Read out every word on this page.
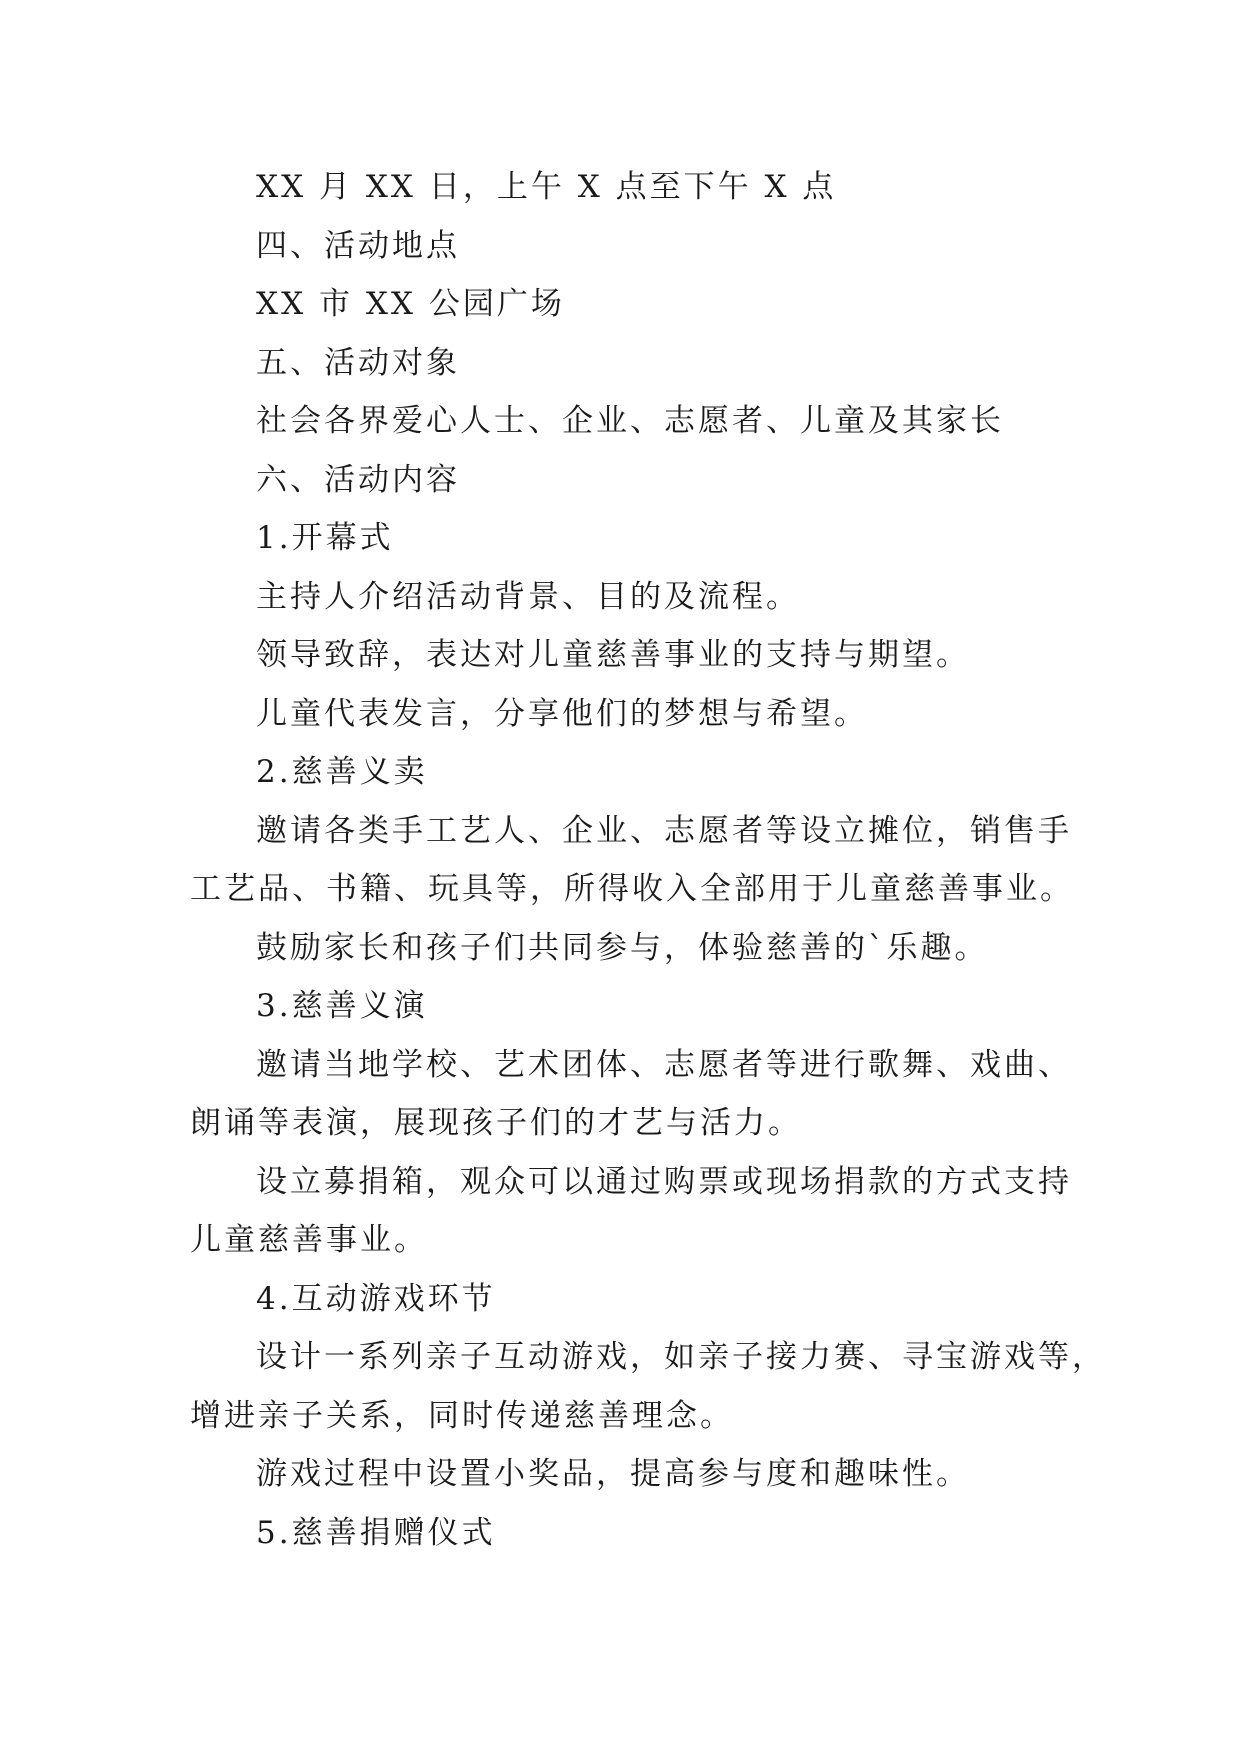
XX 月 XX 日，上午 X 点至下午 X 点

四、活动地点

XX 市 XX 公园广场

五、活动对象

社会各界爱心人士、企业、志愿者、儿童及其家长

六、活动内容

1.开幕式

主持人介绍活动背景、目的及流程。

领导致辞，表达对儿童慈善事业的支持与期望。

儿童代表发言，分享他们的梦想与希望。

2.慈善义卖

邀请各类手工艺人、企业、志愿者等设立摊位，销售手

工艺品、书籍、玩具等，所得收入全部用于儿童慈善事业。

鼓励家长和孩子们共同参与，体验慈善的`乐趣。

3.慈善义演

邀请当地学校、艺术团体、志愿者等进行歌舞、戏曲、

朗诵等表演，展现孩子们的才艺与活力。

设立募捐箱，观众可以通过购票或现场捐款的方式支持

儿童慈善事业。

4.互动游戏环节

设计一系列亲子互动游戏，如亲子接力赛、寻宝游戏等，

增进亲子关系，同时传递慈善理念。

游戏过程中设置小奖品，提高参与度和趣味性。

5.慈善捐赠仪式
